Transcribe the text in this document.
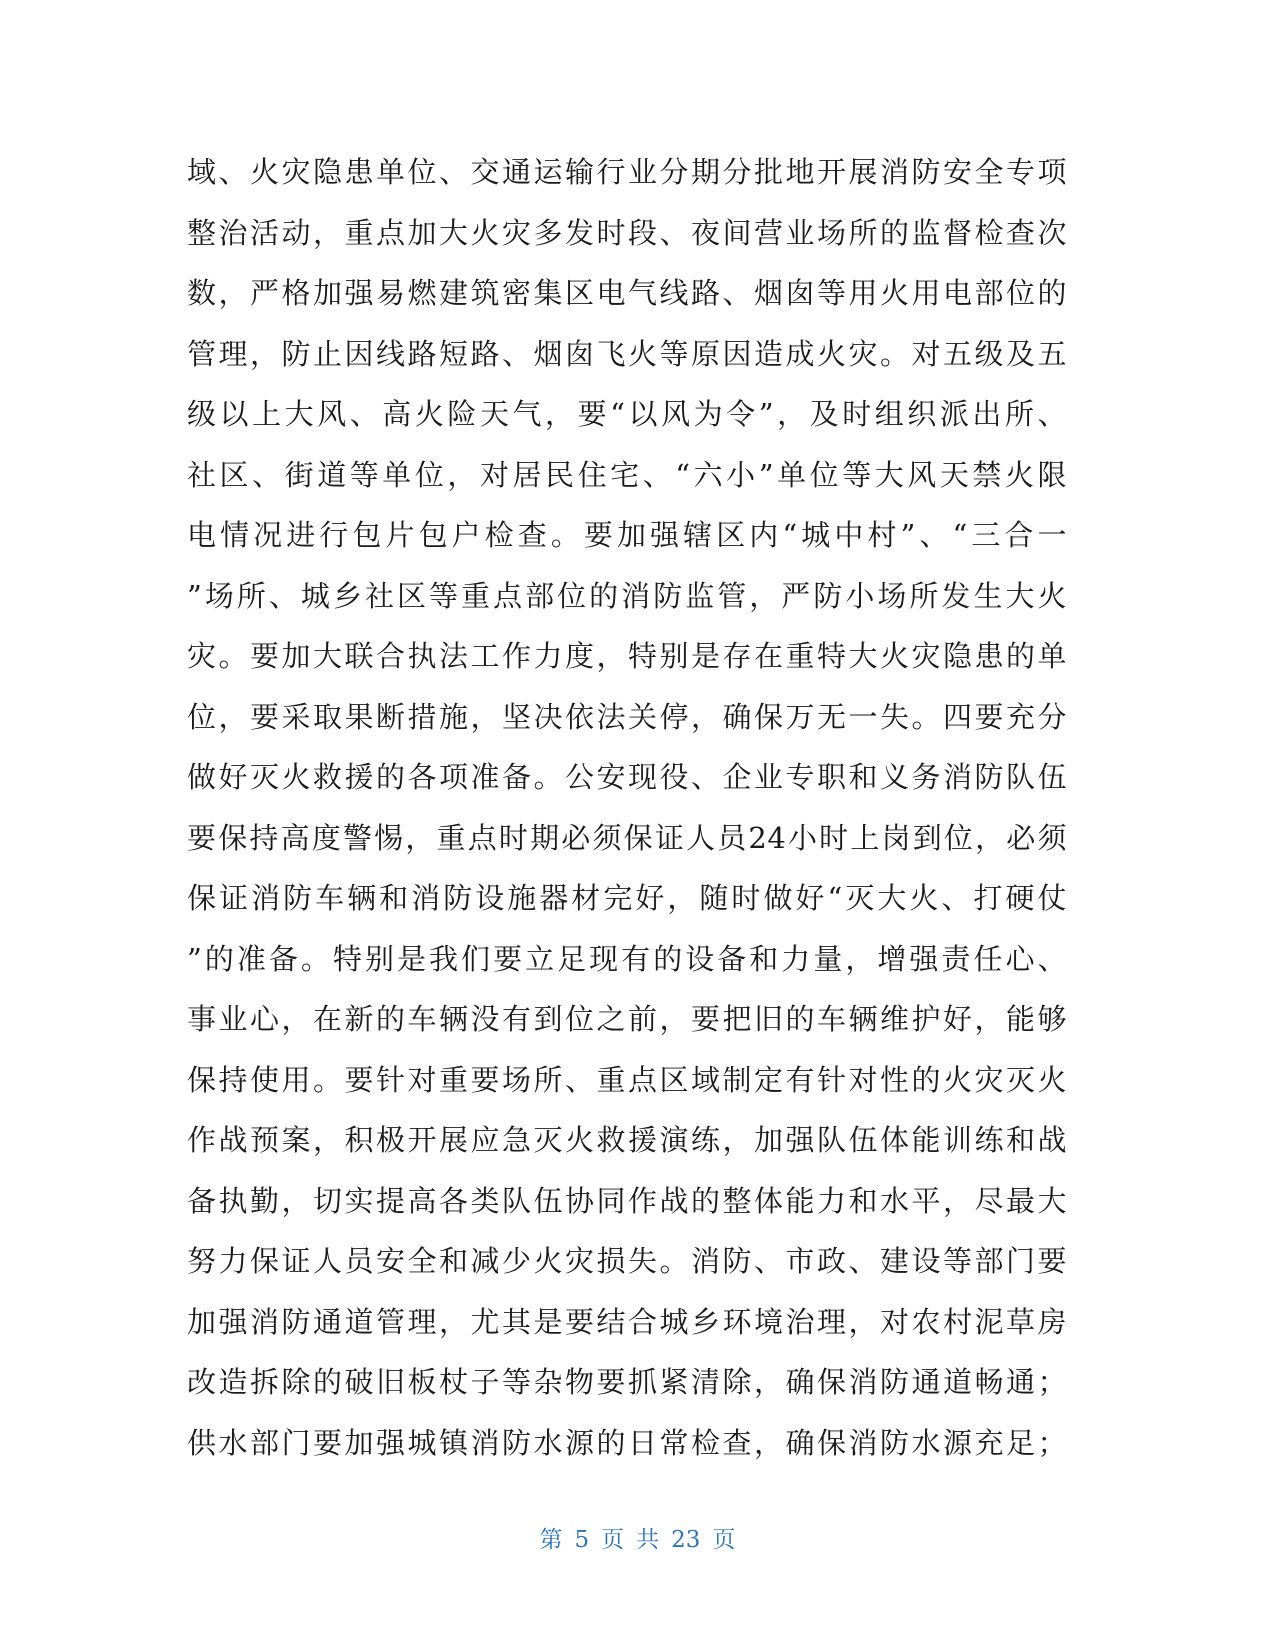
域、火灾隐患单位、交通运输行业分期分批地开展消防安全专项
整治活动，重点加大火灾多发时段、夜间营业场所的监督检查次
数，严格加强易燃建筑密集区电气线路、烟囱等用火用电部位的
管理，防止因线路短路、烟囱飞火等原因造成火灾。对五级及五
级以上大风、高火险天气，要“以风为令”，及时组织派出所、
社区、街道等单位，对居民住宅、“六小”单位等大风天禁火限
电情况进行包片包户检查。要加强辖区内“城中村”、“三合一
”场所、城乡社区等重点部位的消防监管，严防小场所发生大火
灾。要加大联合执法工作力度，特别是存在重特大火灾隐患的单
位，要采取果断措施，坚决依法关停，确保万无一失。四要充分
做好灭火救援的各项准备。公安现役、企业专职和义务消防队伍
要保持高度警惕，重点时期必须保证人员24小时上岗到位，必须
保证消防车辆和消防设施器材完好，随时做好“灭大火、打硬仗
”的准备。特别是我们要立足现有的设备和力量，增强责任心、
事业心，在新的车辆没有到位之前，要把旧的车辆维护好，能够
保持使用。要针对重要场所、重点区域制定有针对性的火灾灭火
作战预案，积极开展应急灭火救援演练，加强队伍体能训练和战
备执勤，切实提高各类队伍协同作战的整体能力和水平，尽最大
努力保证人员安全和减少火灾损失。消防、市政、建设等部门要
加强消防通道管理，尤其是要结合城乡环境治理，对农村泥草房
改造拆除的破旧板杖子等杂物要抓紧清除，确保消防通道畅通；
供水部门要加强城镇消防水源的日常检查，确保消防水源充足；
第 5 页 共 23 页
